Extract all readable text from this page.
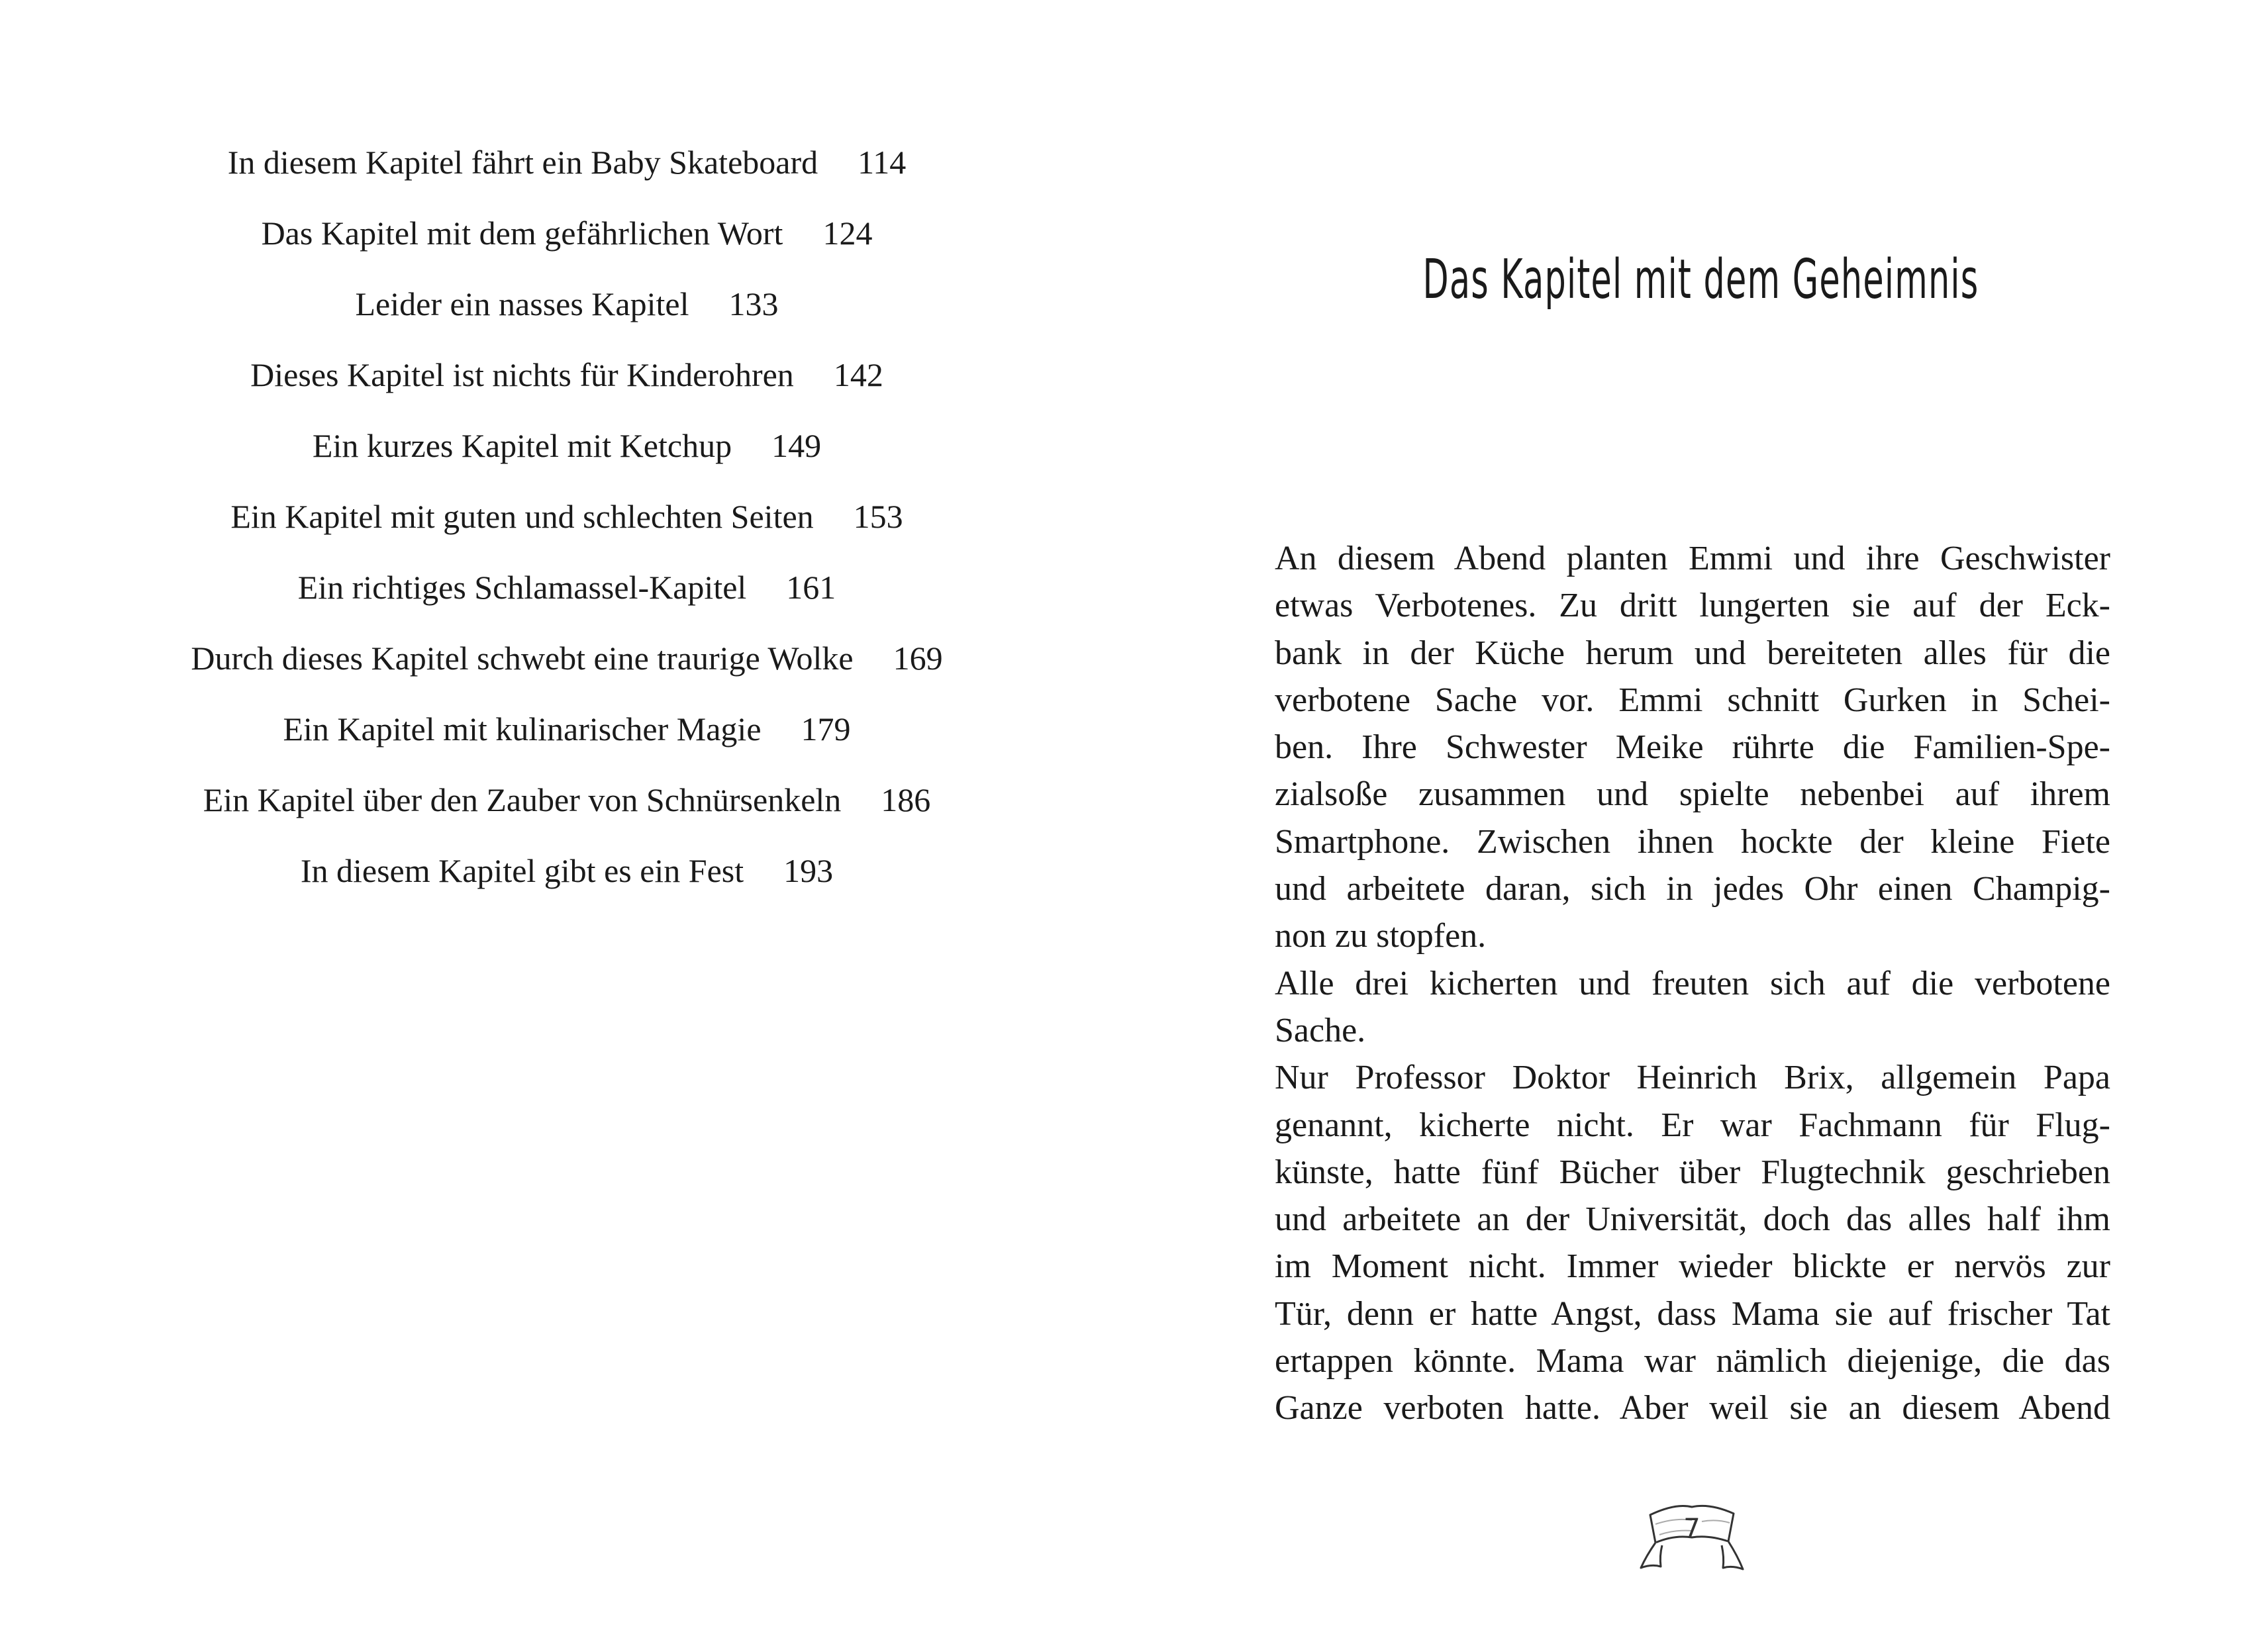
In diesem Kapitel fährt ein Baby Skateboard 114
Das Kapitel mit dem gefährlichen Wort 124
Leider ein nasses Kapitel 133
Dieses Kapitel ist nichts für Kinderohren 142
Ein kurzes Kapitel mit Ketchup 149
Ein Kapitel mit guten und schlechten Seiten 153
Ein richtiges Schlamassel-Kapitel 161
Durch dieses Kapitel schwebt eine traurige Wolke 169
Ein Kapitel mit kulinarischer Magie 179
Ein Kapitel über den Zauber von Schnürsenkeln 186
In diesem Kapitel gibt es ein Fest 193
Das Kapitel mit dem Geheimnis
An diesem Abend planten Emmi und ihre Geschwister
etwas Verbotenes. Zu dritt lungerten sie auf der Eck-
bank in der Küche herum und bereiteten alles für die
verbotene Sache vor. Emmi schnitt Gurken in Schei-
ben. Ihre Schwester Meike rührte die Familien-Spe-
zialsoße zusammen und spielte nebenbei auf ihrem
Smartphone. Zwischen ihnen hockte der kleine Fiete
und arbeitete daran, sich in jedes Ohr einen Champig-
non zu stopfen.
Alle drei kicherten und freuten sich auf die verbotene
Sache.
Nur Professor Doktor Heinrich Brix, allgemein Papa
genannt, kicherte nicht. Er war Fachmann für Flug-
künste, hatte fünf Bücher über Flugtechnik geschrieben
und arbeitete an der Universität, doch das alles half ihm
im Moment nicht. Immer wieder blickte er nervös zur
Tür, denn er hatte Angst, dass Mama sie auf frischer Tat
ertappen könnte. Mama war nämlich diejenige, die das
Ganze verboten hatte. Aber weil sie an diesem Abend
7
